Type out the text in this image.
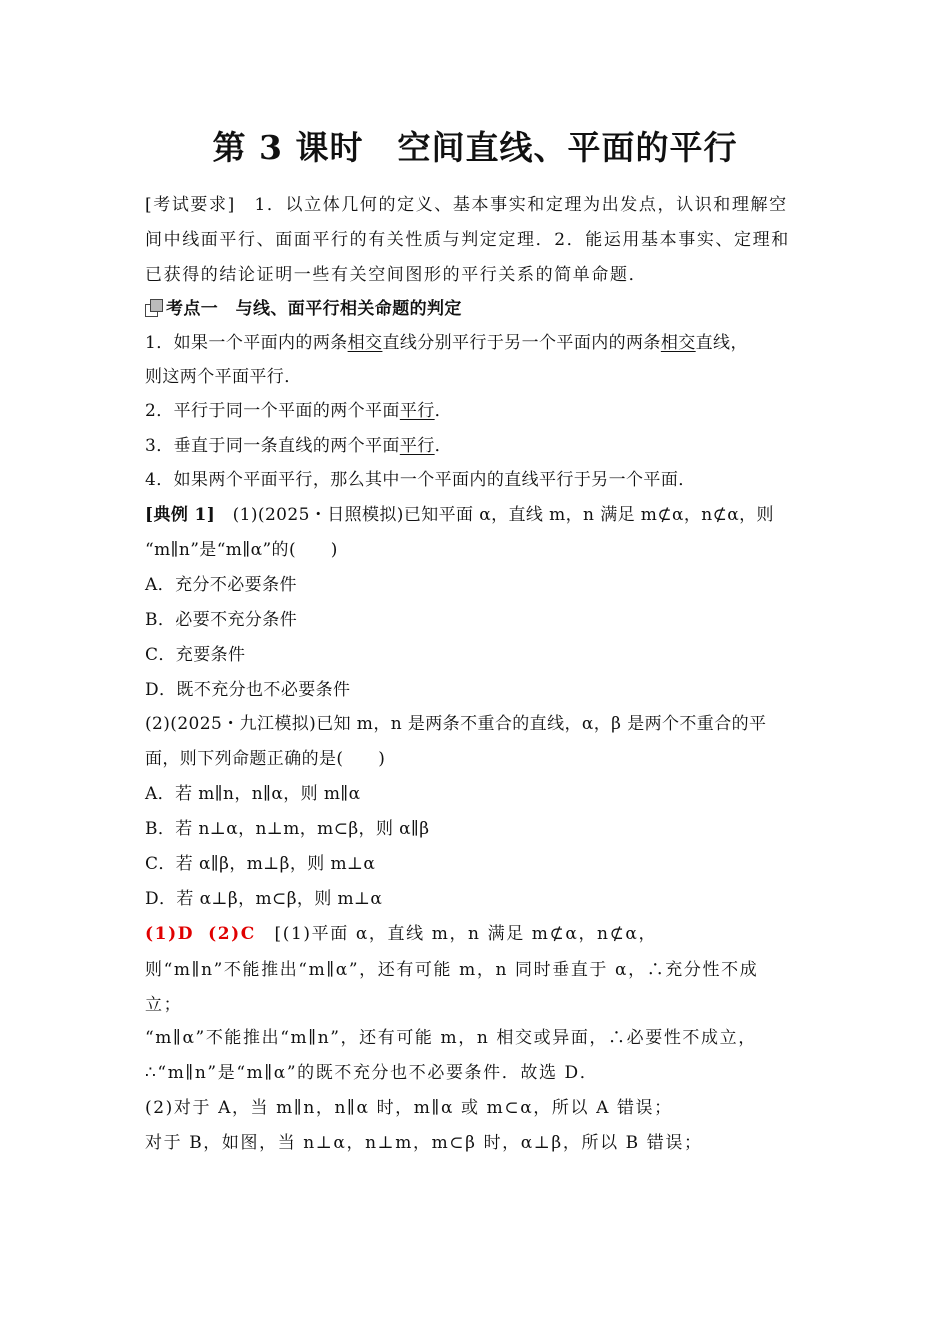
第 3 课时　空间直线、平面的平行
[考试要求]　1．以立体几何的定义、基本事实和定理为出发点，认识和理解空
间中线面平行、面面平行的有关性质与判定定理．2．能运用基本事实、定理和
已获得的结论证明一些有关空间图形的平行关系的简单命题．
考点一　与线、面平行相关命题的判定
1．如果一个平面内的两条相交直线分别平行于另一个平面内的两条相交直线，
则这两个平面平行．
2．平行于同一个平面的两个平面平行．
3．垂直于同一条直线的两个平面平行．
4．如果两个平面平行，那么其中一个平面内的直线平行于另一个平面．
[典例 1]　(1)(2025・日照模拟)已知平面 α，直线 m，n 满足 m⊄α，n⊄α，则
“m∥n”是“m∥α”的(　　)
A．充分不必要条件
B．必要不充分条件
C．充要条件
D．既不充分也不必要条件
(2)(2025・九江模拟)已知 m，n 是两条不重合的直线，α，β 是两个不重合的平
面，则下列命题正确的是(　　)
A．若 m∥n，n∥α，则 m∥α
B．若 n⊥α，n⊥m，m⊂β，则 α∥β
C．若 α∥β，m⊥β，则 m⊥α
D．若 α⊥β，m⊂β，则 m⊥α
(1)D (2)C　[(1)平面 α，直线 m，n 满足 m⊄α，n⊄α，
则“m∥n”不能推出“m∥α”，还有可能 m，n 同时垂直于 α，∴充分性不成
立；
“m∥α”不能推出“m∥n”，还有可能 m，n 相交或异面，∴必要性不成立，
∴“m∥n”是“m∥α”的既不充分也不必要条件．故选 D．
(2)对于 A，当 m∥n，n∥α 时，m∥α 或 m⊂α，所以 A 错误；
对于 B，如图，当 n⊥α，n⊥m，m⊂β 时，α⊥β，所以 B 错误；
